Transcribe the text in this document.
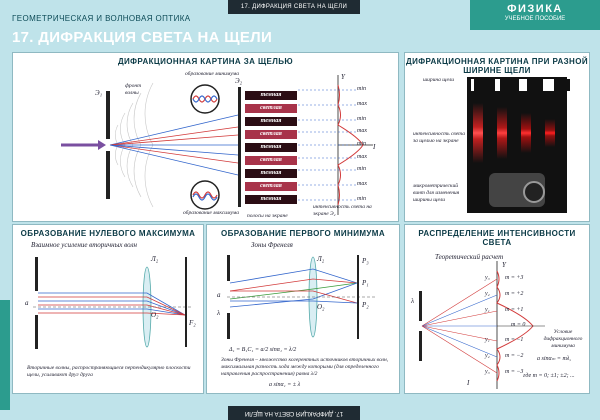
17. ДИФРАКЦИЯ СВЕТА НА ЩЕЛИ	ФИЗИКА
УЧЕБНОЕ ПОСОБИЕ
ГЕОМЕТРИЧЕСКАЯ И ВОЛНОВАЯ ОПТИКА
17. ДИФРАКЦИЯ СВЕТА НА ЩЕЛИ
ДИФРАКЦИОННАЯ КАРТИНА ЗА ЩЕЛЬЮ
Э₁
фронт волны
образование минимума
образование максимума
Э₂
темная
светлая
темная
светлая
темная
светлая
темная
светлая
темная
min
max
min
max
min
max
min
max
min
Y
I
полосы на экране
интенсивность света на экране Э₂
ДИФРАКЦИОННАЯ КАРТИНА ПРИ РАЗНОЙ ШИРИНЕ ЩЕЛИ
ширина щели
интенсивность света за щелью на экране
микрометрический винт для изменения ширины щели
ОБРАЗОВАНИЕ НУЛЕВОГО МАКСИМУМА
Взаимное усиление вторичных волн
Л₂
a
O₂
F₂
Вторичные волны, распространяющиеся перпендикулярно плоскости щели, усиливают друг друга
ОБРАЗОВАНИЕ ПЕРВОГО МИНИМУМА
Зоны Френеля
Л₂
a
λ
O₂
P₁
P₂
P₃
Δ₁ = B₁C₁ = a/2 sinα₁ = λ/2
Зоны Френеля – множество когерентных источников вторичных волн, максимальная разность хода между которыми (для определенного направления распространения) равна λ/2
a sinα₁ = ± λ
РАСПРЕДЕЛЕНИЕ ИНТЕНСИВНОСТИ СВЕТА
Теоретический расчет
Y
λ
I
m = +3
m = +2
m = +1
m = 0
m = −1
m = −2
m = −3
y₃
y₂
y₁
y₁
y₂
y₃
Условие дифракционного минимума
a sinαₘ = mλ,
где m = 0; ±1; ±2; ...
17. ДИФРАКЦИЯ СВЕТА НА ЩЕЛИ
